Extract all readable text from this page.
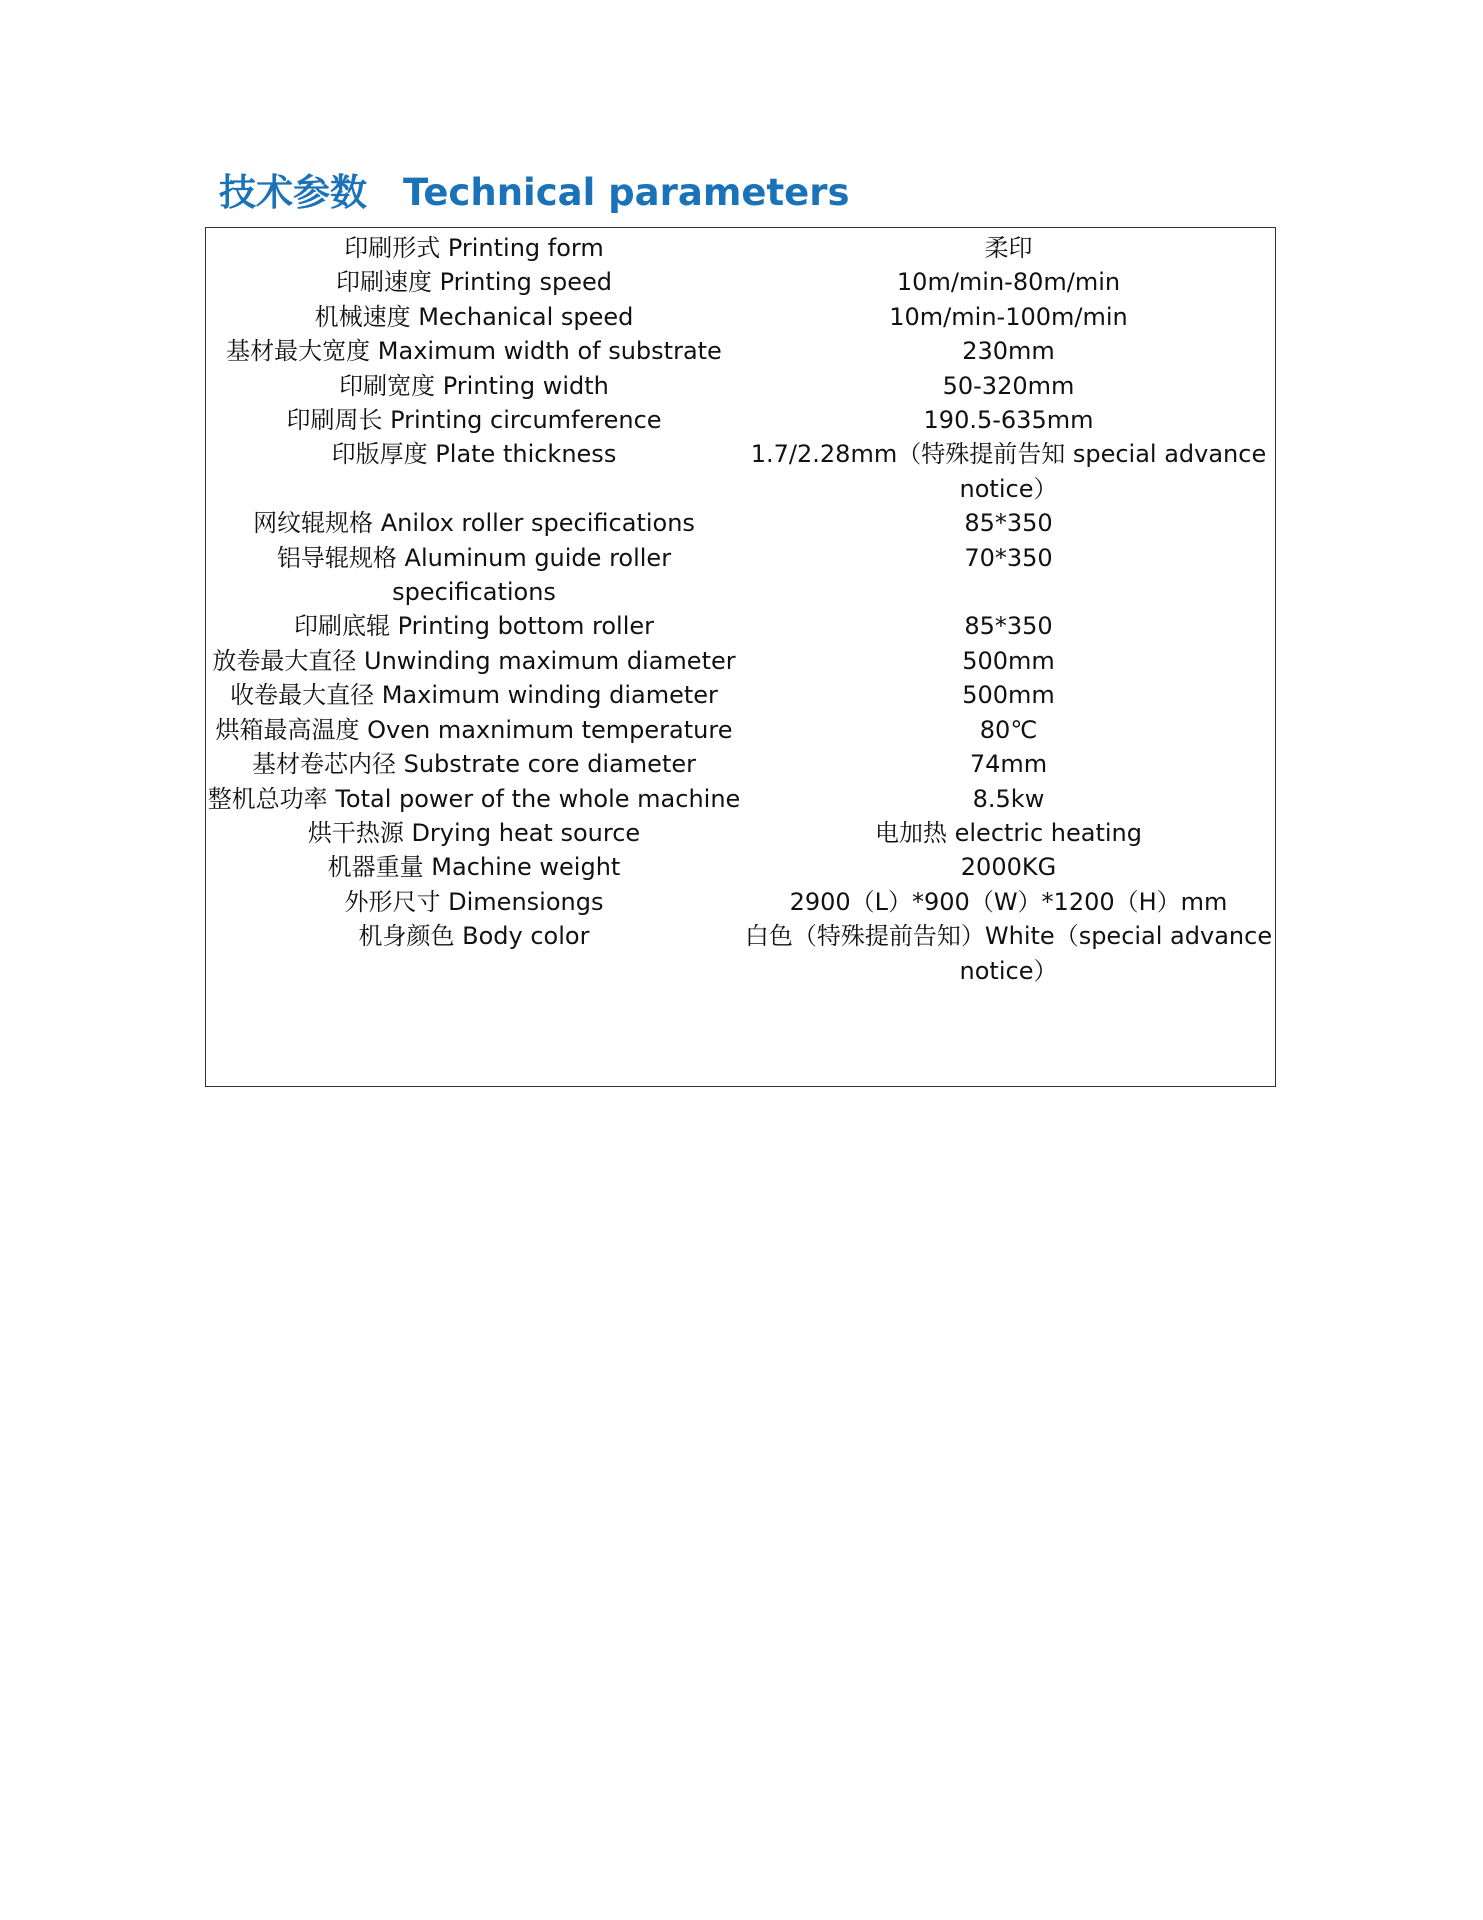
技术参数 Technical parameters
印刷形式 Printing form	柔印
印刷速度 Printing speed	10m/min-80m/min
机械速度 Mechanical speed	10m/min-100m/min
基材最大宽度 Maximum width of substrate	230mm
印刷宽度 Printing width	50-320mm
印刷周长 Printing circumference	190.5-635mm
印版厚度 Plate thickness	1.7/2.28mm（特殊提前告知 special advance notice）
网纹辊规格 Anilox roller specifications	85*350
铝导辊规格 Aluminum guide roller specifications	70*350
印刷底辊 Printing bottom roller	85*350
放卷最大直径 Unwinding maximum diameter	500mm
收卷最大直径 Maximum winding diameter	500mm
烘箱最高温度 Oven maxnimum temperature	80℃
基材卷芯内径 Substrate core diameter	74mm
整机总功率 Total power of the whole machine	8.5kw
烘干热源 Drying heat source	电加热 electric heating
机器重量 Machine weight	2000KG
外形尺寸 Dimensiongs	2900（L）*900（W）*1200（H）mm
机身颜色 Body color	白色（特殊提前告知）White（special advance notice）
